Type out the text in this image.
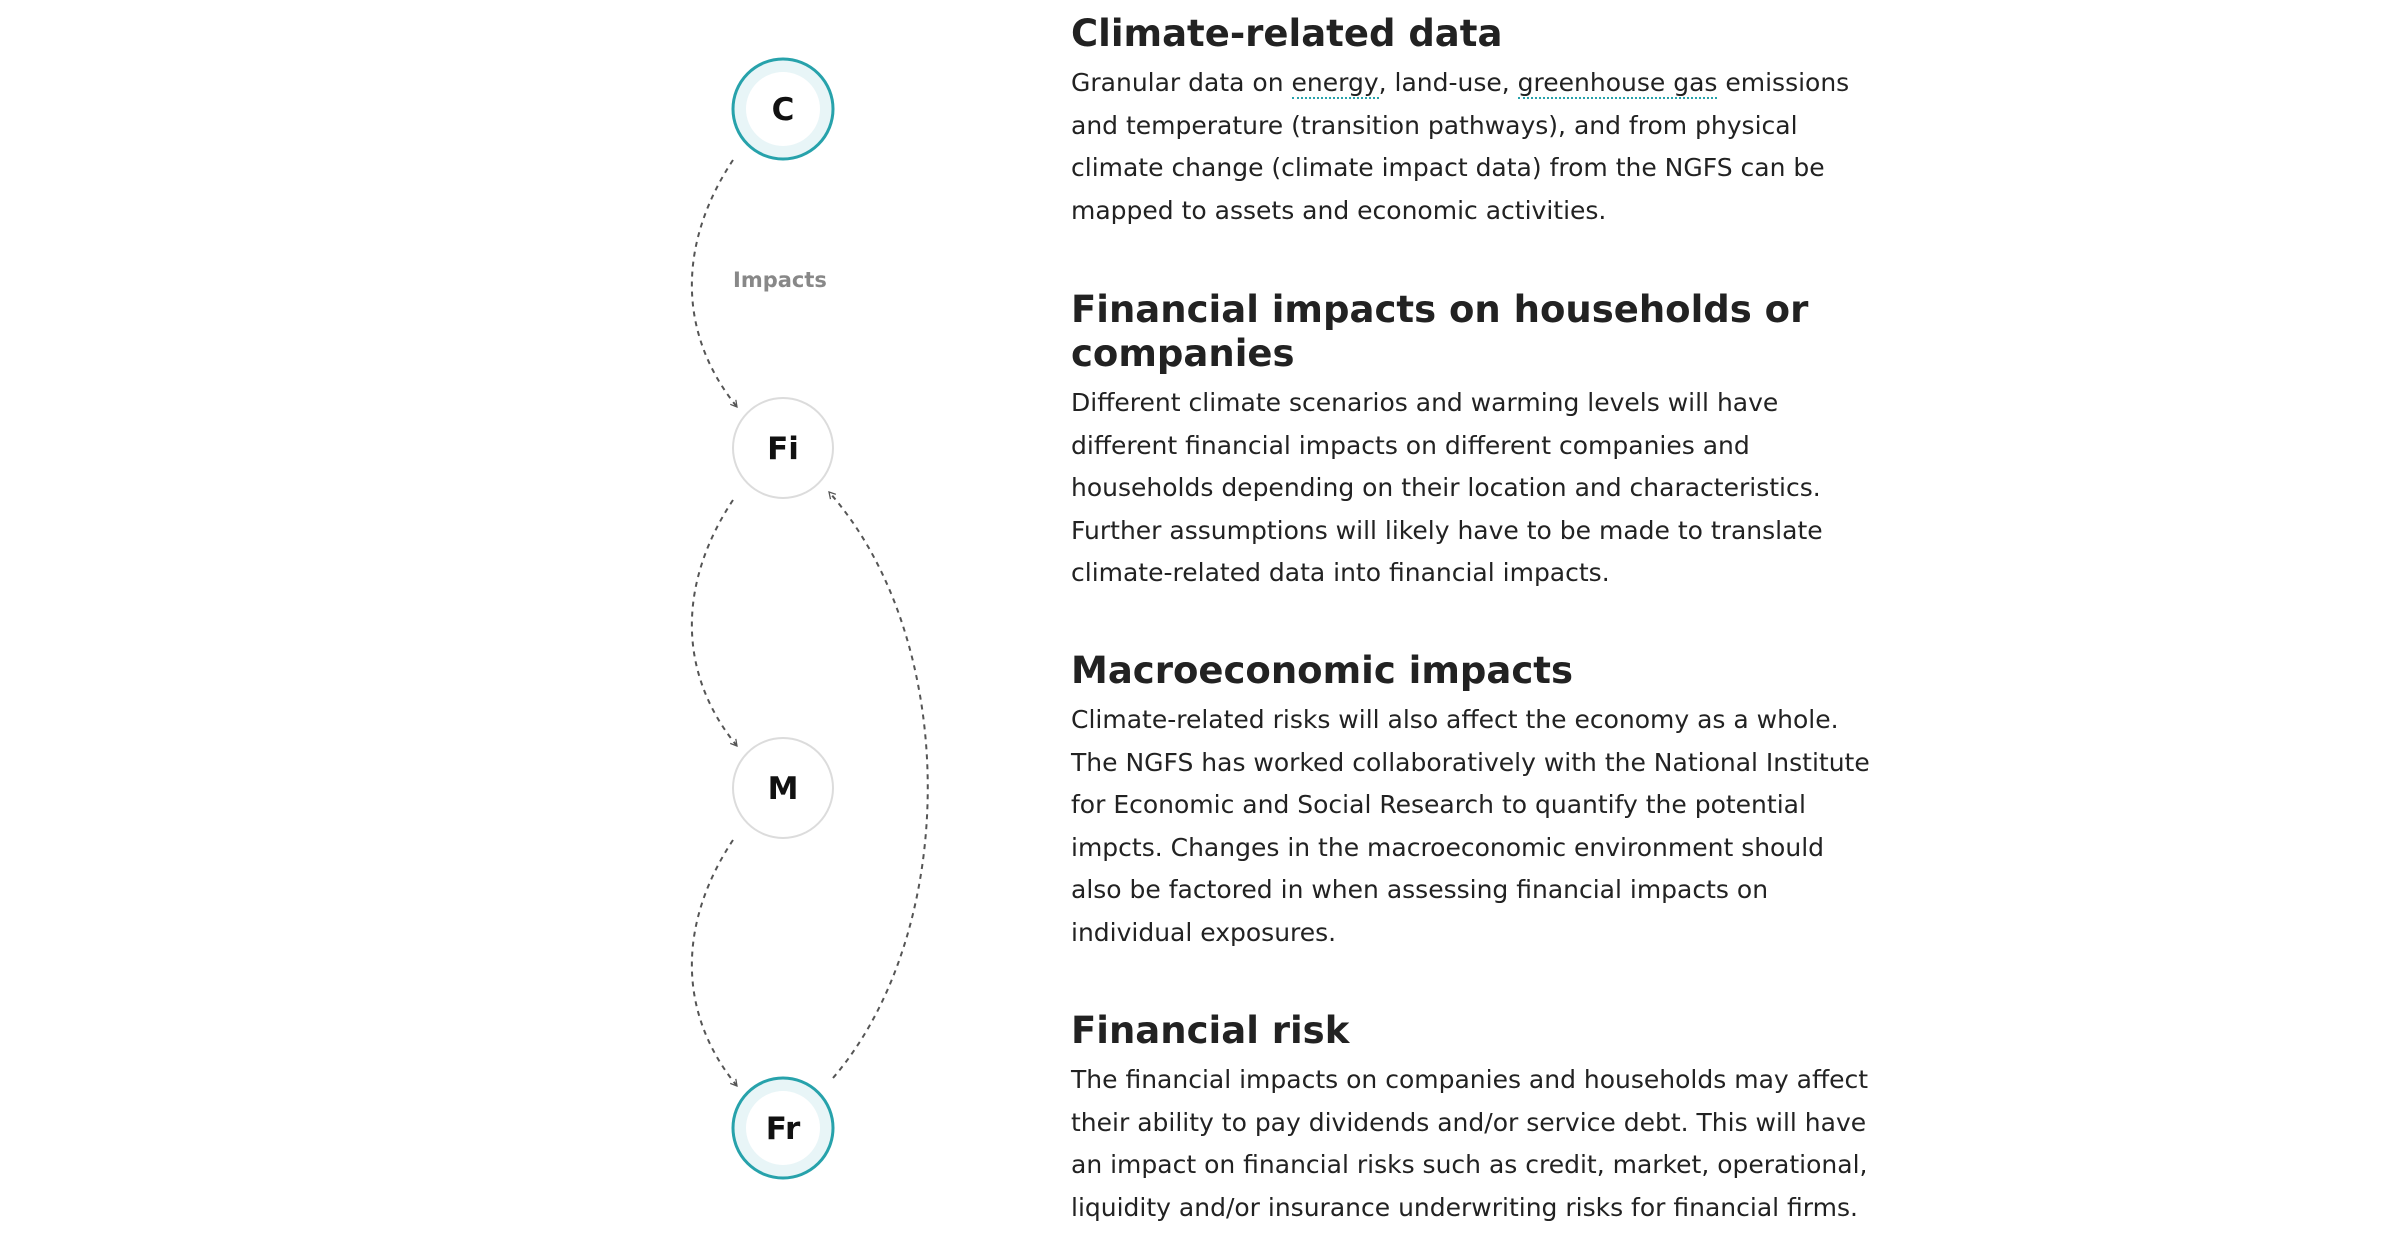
Impacts
C
Fi
M
Fr
Climate-related data

Granular data on energy, land-use, greenhouse gas emissions and temperature (transition pathways), and from physical climate change (climate impact data) from the NGFS can be mapped to assets and economic activities.

Financial impacts on households or companies

Different climate scenarios and warming levels will have different financial impacts on different companies and households depending on their location and characteristics. Further assumptions will likely have to be made to translate climate-related data into financial impacts.

Macroeconomic impacts

Climate-related risks will also affect the economy as a whole. The NGFS has worked collaboratively with the National Institute for Economic and Social Research to quantify the potential impcts. Changes in the macroeconomic environment should also be factored in when assessing financial impacts on individual exposures.

Financial risk

The financial impacts on companies and households may affect their ability to pay dividends and/or service debt. This will have an impact on financial risks such as credit, market, operational, liquidity and/or insurance underwriting risks for financial firms.
